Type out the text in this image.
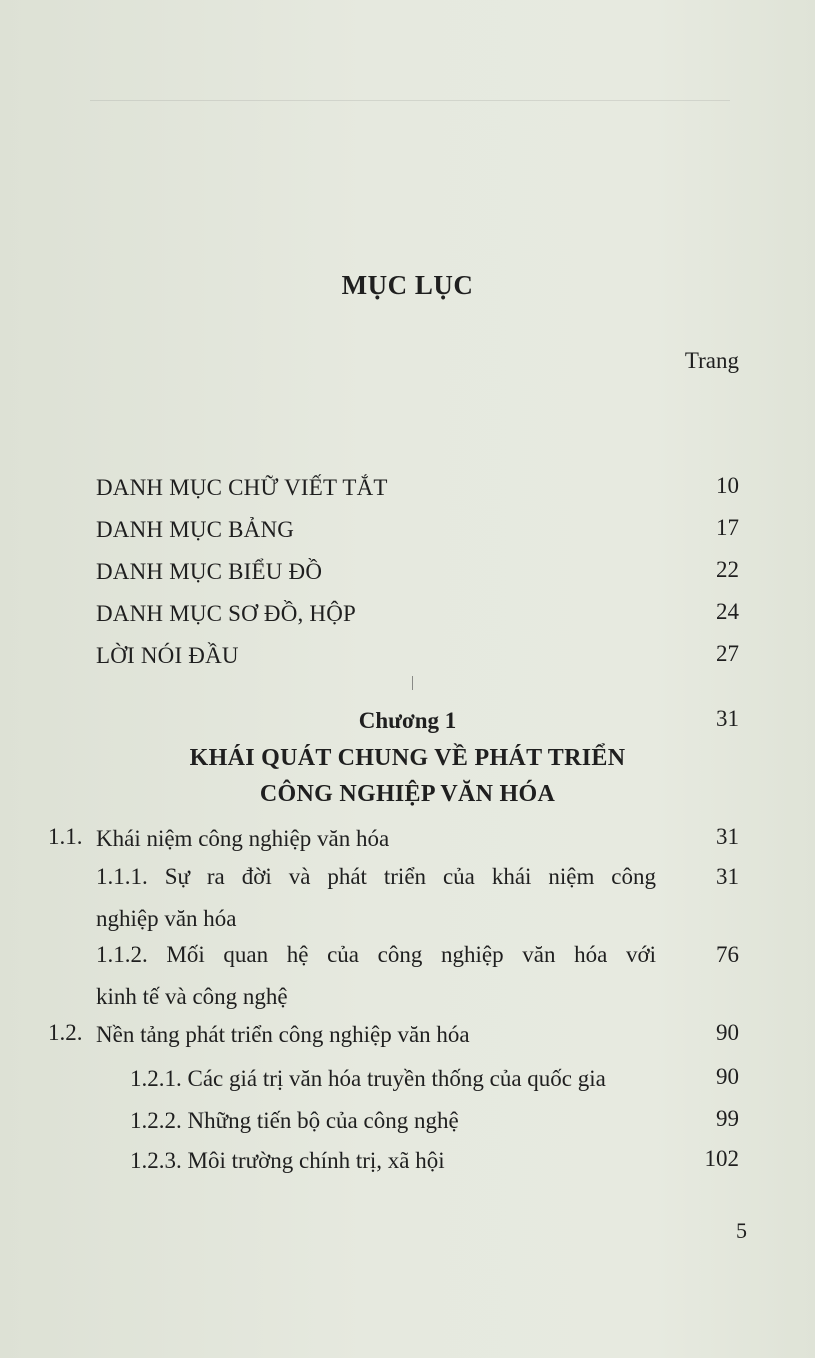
MỤC LỤC
Trang
DANH MỤC CHỮ VIẾT TẮT	10
DANH MỤC BẢNG	17
DANH MỤC BIỂU ĐỒ	22
DANH MỤC SƠ ĐỒ, HỘP	24
LỜI NÓI ĐẦU	27
Chương 1	31
KHÁI QUÁT CHUNG VỀ PHÁT TRIỂN
CÔNG NGHIỆP VĂN HÓA
1.1. Khái niệm công nghiệp văn hóa	31
1.1.1. Sự ra đời và phát triển của khái niệm công	31
nghiệp văn hóa
1.1.2. Mối quan hệ của công nghiệp văn hóa với	76
kinh tế và công nghệ
1.2. Nền tảng phát triển công nghiệp văn hóa	90
1.2.1. Các giá trị văn hóa truyền thống của quốc gia	90
1.2.2. Những tiến bộ của công nghệ	99
1.2.3. Môi trường chính trị, xã hội	102
5
